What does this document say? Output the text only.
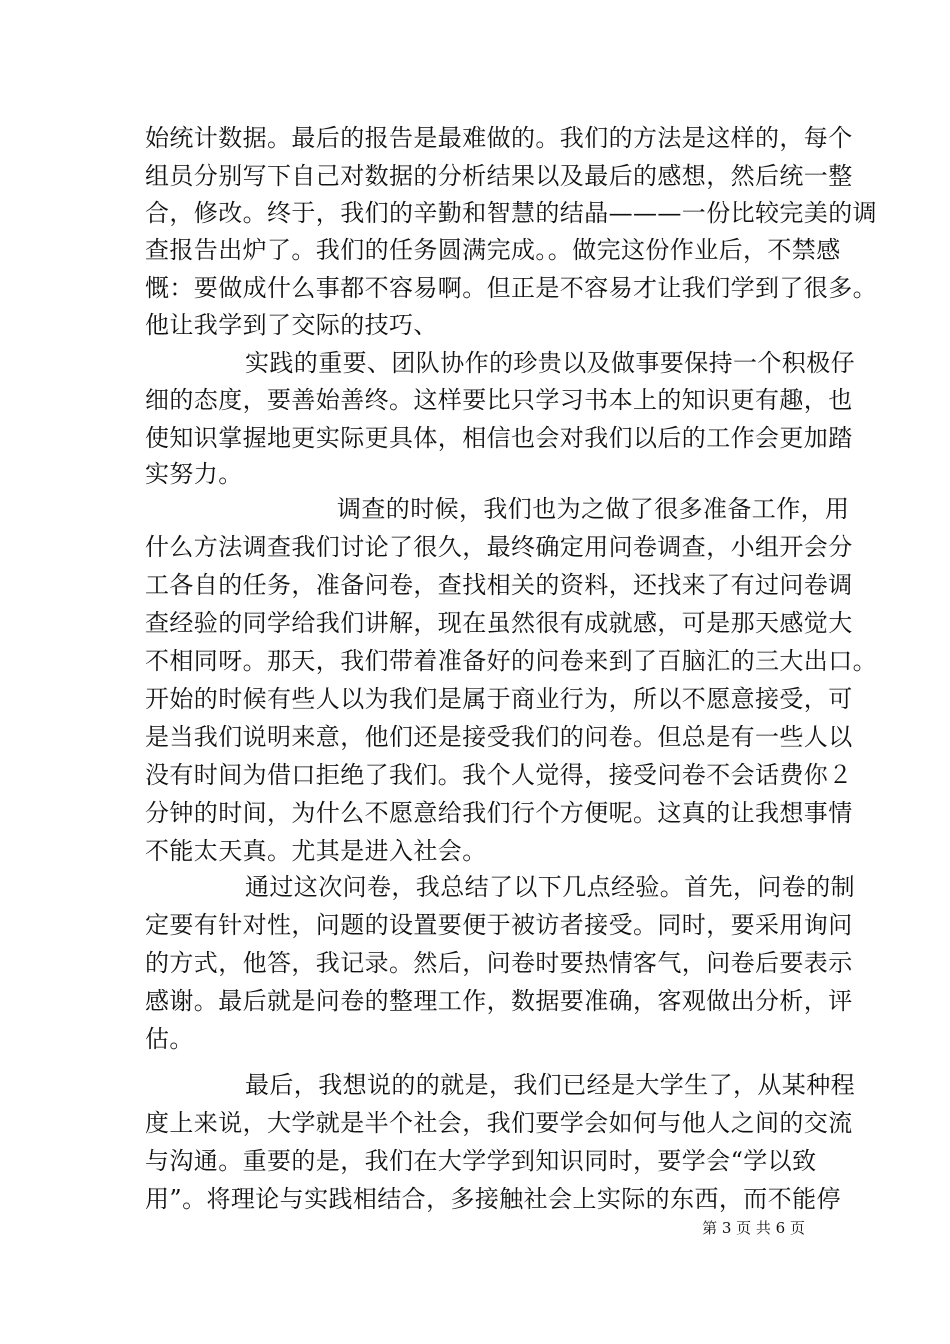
始统计数据。最后的报告是最难做的。我们的方法是这样的，每个
组员分别写下自己对数据的分析结果以及最后的感想，然后统一整
合，修改。终于，我们的辛勤和智慧的结晶———一份比较完美的调
查报告出炉了。我们的任务圆满完成。。做完这份作业后，不禁感
慨：要做成什么事都不容易啊。但正是不容易才让我们学到了很多。
他让我学到了交际的技巧、
实践的重要、团队协作的珍贵以及做事要保持一个积极仔
细的态度，要善始善终。这样要比只学习书本上的知识更有趣，也
使知识掌握地更实际更具体，相信也会对我们以后的工作会更加踏
实努力。
调查的时候，我们也为之做了很多准备工作，用
什么方法调查我们讨论了很久，最终确定用问卷调查，小组开会分
工各自的任务，准备问卷，查找相关的资料，还找来了有过问卷调
查经验的同学给我们讲解，现在虽然很有成就感，可是那天感觉大
不相同呀。那天，我们带着准备好的问卷来到了百脑汇的三大出口。
开始的时候有些人以为我们是属于商业行为，所以不愿意接受，可
是当我们说明来意，他们还是接受我们的问卷。但总是有一些人以
没有时间为借口拒绝了我们。我个人觉得，接受问卷不会话费你２
分钟的时间，为什么不愿意给我们行个方便呢。这真的让我想事情
不能太天真。尤其是进入社会。
通过这次问卷，我总结了以下几点经验。首先，问卷的制
定要有针对性，问题的设置要便于被访者接受。同时，要采用询问
的方式，他答，我记录。然后，问卷时要热情客气，问卷后要表示
感谢。最后就是问卷的整理工作，数据要准确，客观做出分析，评
估。
最后，我想说的的就是，我们已经是大学生了，从某种程
度上来说，大学就是半个社会，我们要学会如何与他人之间的交流
与沟通。重要的是，我们在大学学到知识同时，要学会“学以致
用”。将理论与实践相结合，多接触社会上实际的东西，而不能停
第 3 页 共 6 页
